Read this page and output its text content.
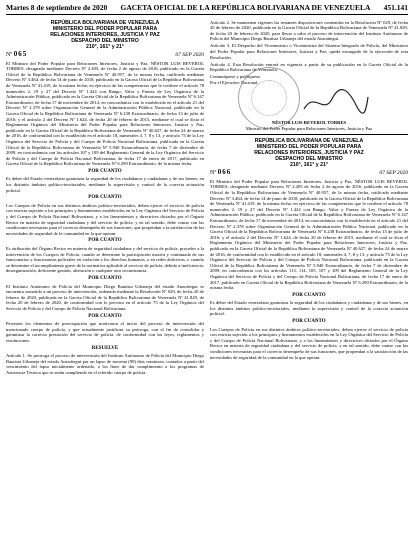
Martes 8 de septiembre de 2020 GACETA OFICIAL DE LA REPÚBLICA BOLIVARIANA DE VENEZUELA 451.141
REPÚBLICA BOLIVARIANA DE VENEZUELA
MINISTERIO DEL PODER POPULAR PARA
RELACIONES INTERIORES, JUSTICIA Y PAZ
DESPACHO DEL MINISTRO
210°, 161° y 21°
Nº 065	07 SEP 2020

El Ministro del Poder Popular para Relaciones Interiores, Justicia y Paz, NÉSTOR LUIS REVEROL TORRES, designado mediante Decreto Nº 2.405, de fecha 2 de agosto de 2016, publicado en la Gaceta Oficial de la República Bolivariana de Venezuela Nº 40.957, de la misma fecha, ratificado mediante Decreto Nº 3.464, de fecha 14 de junio de 2018, publicado en la Gaceta Oficial de la República Bolivariana de Venezuela Nº 41.419, de la misma fecha; en ejercicio de las competencias que le confiere el artículo 78 numerales 2, 19 y 27 del Decreto Nº 1.424 con Rango, Valor y Fuerza de Ley Orgánica de la Administración Pública, publicado en la Gaceta Oficial de la República Bolivariana de Venezuela Nº 6.147 Extraordinario, de fecha 17 de noviembre de 2014, en concordancia con lo establecido en el artículo 21 del Decreto Nº 2.378 sobre Organización General de la Administración Pública Nacional, publicado en la Gaceta Oficial de la República Bolivariana de Venezuela Nº 6.238 Extraordinario, de fecha 13 de julio de 2016; y el artículo 2 del Decreto Nº 1.624, de fecha 20 de febrero de 2015, mediante el cual se dicta el Reglamento Orgánico del Ministerio del Poder Popular para Relaciones Interiores, Justicia y Paz, publicado en la Gaceta Oficial de la República Bolivariana de Venezuela Nº 40.627, de fecha 24 de marzo de 2016, de conformidad con lo establecido en el artículo 18, numerales 4, 7, 8 y 13, y artículo 75 de la Ley Orgánica del Servicio de Policía y del Cuerpo de Policía Nacional Bolivariana, publicada en la Gaceta Oficial de la República Bolivariana de Venezuela Nº 5.940 Extraordinario, de fecha 7 de diciembre de 2009, en concordancia con los artículos 107 y 109 del Reglamento General de la Ley Orgánica del Servicio de Policía y del Cuerpo de Policía Nacional Bolivariana, de fecha 17 de enero de 2017, publicado en Gaceta Oficial de la República Bolivariana de Venezuela Nº 6.290 Extraordinario, de la misma fecha.

POR CUANTO

Es deber del Estado venezolano garantizar la seguridad de los ciudadanos y ciudadanas y de sus bienes, en los distintos ámbitos político-territoriales, mediante la supervisión y control de la correcta actuación policial.

POR CUANTO

Los Cuerpos de Policía en sus distintos ámbitos político-territoriales, deben ejercer el servicio de policía con estricta sujeción a los principios y lineamientos establecidos en la Ley Orgánica del Servicio de Policía y del Cuerpo de Policía Nacional Bolivariana, y a los lineamientos y directrices dictados por el Órgano Rector en materia de seguridad ciudadana y del servicio de policía, y en tal sentido, debe contar con las condiciones necesarias para el correcto desempeño de sus funciones, que propendan a la satisfacción de las necesidades de seguridad de la comunidad en la que operan.

POR CUANTO

Es atribución del Órgano Rector en materia de seguridad ciudadana y del servicio de policía, proceder a la intervención de los Cuerpos de Policía, cuando se determine la participación masiva y continuada de sus funcionarios y funcionarias policiales en violación a los derechos humanos, o en redes delictivas, o cuando se determine el incumplimiento grave de la normativa aplicable al servicio de policía, debido a ineficiencia, desorganización, deficiente gestión, alteración o cualquier otra circunstancia.

POR CUANTO

El Instituto Autónomo de Policía del Municipio Diego Bautista Urbaneja del estado Anzoátegui se encuentra sometido a un proceso de intervención, ordenado mediante la Resolución Nº 029, de fecha 20 de febrero de 2020, publicada en la Gaceta Oficial de la República Bolivariana de Venezuela Nº 41.829, de fecha 20 de febrero de 2020, de conformidad con lo previsto en el artículo 75 de la Ley Orgánica del Servicio de Policía y del Cuerpo de Policía Nacional Bolivariana.

POR CUANTO

Persisten los elementos de preocupación que motivaron el inicio del proceso de intervención del mencionado cuerpo de policía, y que actualmente justifican su prórroga, con el fin de consolidar y garantizar la correcta prestación del servicio de policía, de conformidad con las leyes, reglamentos y resoluciones.

RESUELVE

Artículo 1. Se prorroga el proceso de intervención del Instituto Autónomo de Policía del Municipio Diego Bautista Urbaneja del estado Anzoátegui por un lapso de noventa (90) días continuos, contados a partir del vencimiento del lapso inicialmente ordenado, a los fines de dar cumplimiento a los programas de Asistencia Técnica que se están cumpliendo en el referido cuerpo de policía.

Artículo 2. Se mantienen vigentes las restantes disposiciones contenidas en la Resolución Nº 029, de fecha 20 de febrero de 2020, publicada en la Gaceta Oficial de la República Bolivariana de Venezuela Nº 41.829, de fecha 20 de febrero de 2020, para llevar a cabo el proceso de intervención del Instituto Autónomo de Policía del Municipio Diego Bautista Urbaneja del estado Anzoátegui.

Artículo 3. El Despacho del Viceministro o Viceministra del Sistema Integrado de Policía, del Ministerio del Poder Popular para Relaciones Interiores, Justicia y Paz, queda encargado de la ejecución de esta Resolución.

Artículo 4. Esta Resolución entrará en vigencia a partir de su publicación en la Gaceta Oficial de la República Bolivariana de Venezuela.

Comuníquese y publíquese.
Por el Ejecutivo Nacional,

NÉSTOR LUIS REVEROL TORRES
Ministro del Poder Popular para Relaciones Interiores, Justicia y Paz
REPÚBLICA BOLIVARIANA DE VENEZUELA
MINISTERIO DEL PODER POPULAR PARA
RELACIONES INTERIORES, JUSTICIA Y PAZ
DESPACHO DEL MINISTRO
210°, 161° y 21°
Nº 066	07 SEP 2020

El Ministro del Poder Popular para Relaciones Interiores, Justicia y Paz, NÉSTOR LUIS REVEROL TORRES, designado mediante Decreto Nº 2.405 de fecha 2 de agosto de 2016, publicado en la Gaceta Oficial de la República Bolivariana de Venezuela Nº 40.957, de la misma fecha, ratificado mediante Decreto Nº 3.464, de fecha 14 de junio de 2018, publicado en la Gaceta Oficial de la República Bolivariana de Venezuela Nº 41.419, de la misma fecha; en ejercicio de las competencias que le confiere el artículo 78 numerales 2, 19 y 27 del Decreto Nº 1.424 con Rango, Valor y Fuerza de Ley Orgánica de la Administración Pública, publicado en la Gaceta Oficial de la República Bolivariana de Venezuela Nº 6.147 Extraordinario, de fecha 17 de noviembre de 2014, en concordancia con lo establecido en el artículo 21 del Decreto Nº 2.378 sobre Organización General de la Administración Pública Nacional, publicado en la Gaceta Oficial de la República Bolivariana de Venezuela Nº 6.238 Extraordinario, de fecha 13 de julio de 2016; y el artículo 2 del Decreto Nº 1.624, de fecha 20 de febrero de 2015, mediante el cual se dicta el Reglamento Orgánico del Ministerio del Poder Popular para Relaciones Interiores, Justicia y Paz, publicado en la Gaceta Oficial de la República Bolivariana de Venezuela Nº 40.627, de fecha 24 de marzo de 2016; de conformidad con lo establecido en el artículo 18, numerales 4, 7, 8 y 13, y artículo 75 de la Ley Orgánica del Servicio de Policía y del Cuerpo de Policía Nacional Bolivariana, publicada en la Gaceta Oficial de la República Bolivariana de Venezuela Nº 5.940 Extraordinario, de fecha 7 de diciembre de 2009, en concordancia con los artículos 113, 114, 105, 107 y 109 del Reglamento General de la Ley Orgánica del Servicio de Policía y del Cuerpo de Policía Nacional Bolivariana, de fecha 17 de enero de 2017, publicado en Gaceta Oficial de la República Bolivariana de Venezuela Nº 6.290 Extraordinario, de la misma fecha.

POR CUANTO

Es deber del Estado venezolano garantizar la seguridad de los ciudadanos y ciudadanas y de sus bienes, en los distintos ámbitos político-territoriales, mediante la supervisión y control de la correcta actuación policial.

POR CUANTO

Los Cuerpos de Policía en sus distintos ámbitos político-territoriales, deben ejercer el servicio de policía con estricta sujeción a los principios y lineamientos establecidos en la Ley Orgánica del Servicio de Policía y del Cuerpo de Policía Nacional Bolivariana, y a los lineamientos y directrices dictados por el Órgano Rector en materia de seguridad ciudadana y del servicio de policía, y en tal sentido, debe contar con las condiciones necesarias para el correcto desempeño de sus funciones, que propendan a la satisfacción de las necesidades de seguridad de la comunidad en la que operan.
